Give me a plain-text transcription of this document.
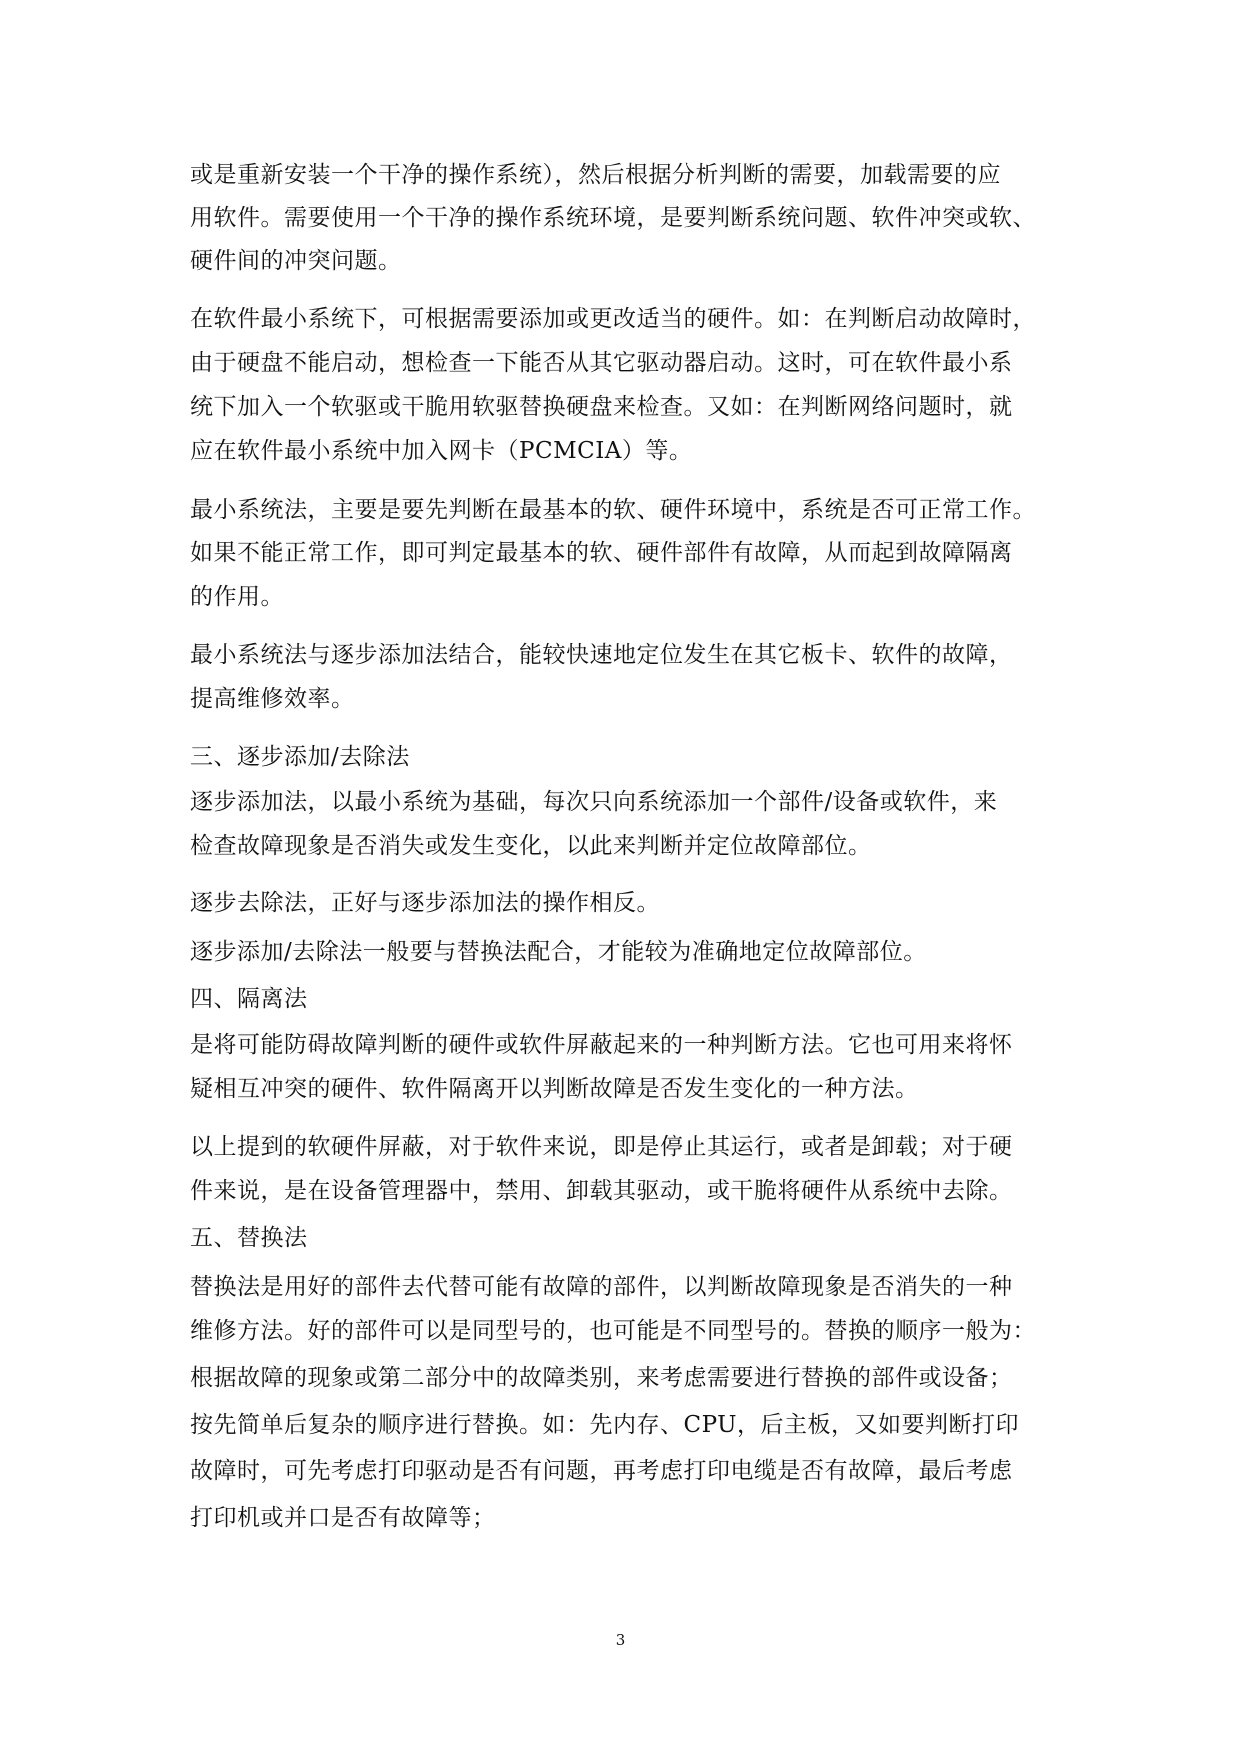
或是重新安装一个干净的操作系统），然后根据分析判断的需要，加载需要的应
用软件。需要使用一个干净的操作系统环境，是要判断系统问题、软件冲突或软、
硬件间的冲突问题。
在软件最小系统下，可根据需要添加或更改适当的硬件。如：在判断启动故障时，
由于硬盘不能启动，想检查一下能否从其它驱动器启动。这时，可在软件最小系
统下加入一个软驱或干脆用软驱替换硬盘来检查。又如：在判断网络问题时，就
应在软件最小系统中加入网卡（PCMCIA）等。
最小系统法，主要是要先判断在最基本的软、硬件环境中，系统是否可正常工作。
如果不能正常工作，即可判定最基本的软、硬件部件有故障，从而起到故障隔离
的作用。
最小系统法与逐步添加法结合，能较快速地定位发生在其它板卡、软件的故障，
提高维修效率。
三、逐步添加/去除法
逐步添加法，以最小系统为基础，每次只向系统添加一个部件/设备或软件，来
检查故障现象是否消失或发生变化，以此来判断并定位故障部位。
逐步去除法，正好与逐步添加法的操作相反。
逐步添加/去除法一般要与替换法配合，才能较为准确地定位故障部位。
四、隔离法
是将可能防碍故障判断的硬件或软件屏蔽起来的一种判断方法。它也可用来将怀
疑相互冲突的硬件、软件隔离开以判断故障是否发生变化的一种方法。
以上提到的软硬件屏蔽，对于软件来说，即是停止其运行，或者是卸载；对于硬
件来说，是在设备管理器中，禁用、卸载其驱动，或干脆将硬件从系统中去除。
五、替换法
替换法是用好的部件去代替可能有故障的部件，以判断故障现象是否消失的一种
维修方法。好的部件可以是同型号的，也可能是不同型号的。替换的顺序一般为：
根据故障的现象或第二部分中的故障类别，来考虑需要进行替换的部件或设备；
按先简单后复杂的顺序进行替换。如：先内存、CPU，后主板，又如要判断打印
故障时，可先考虑打印驱动是否有问题，再考虑打印电缆是否有故障，最后考虑
打印机或并口是否有故障等；
3
